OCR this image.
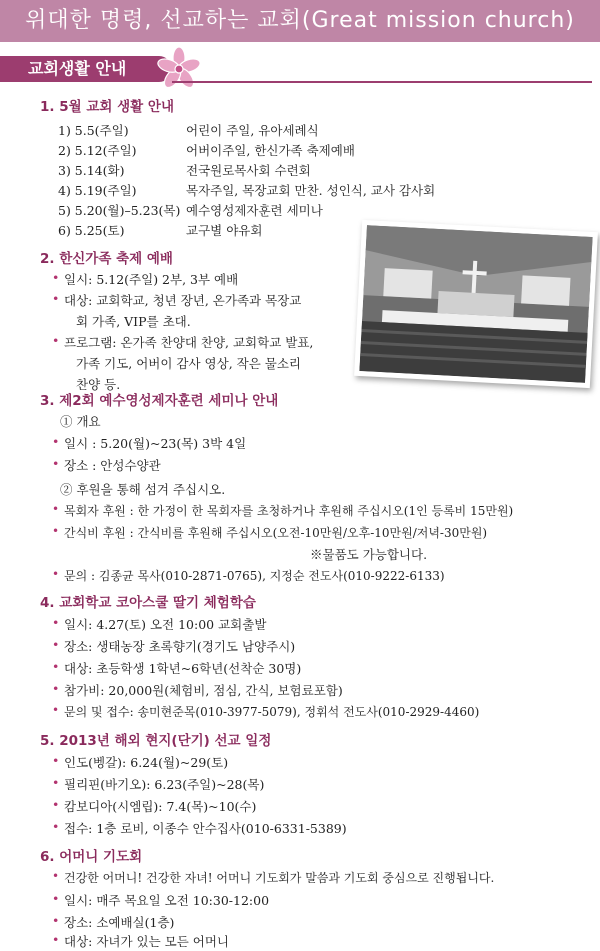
위대한 명령, 선교하는 교회(Great mission church)
교회생활 안내
1. 5월 교회 생활 안내
1) 5.5(주일)	어린이 주일, 유아세례식
2) 5.12(주일)	어버이주일, 한신가족 축제예배
3) 5.14(화)	전국원로목사회 수련회
4) 5.19(주일)	목자주일, 목장교회 만찬. 성인식, 교사 감사회
5) 5.20(월)–5.23(목) 예수영성제자훈련 세미나
6) 5.25(토)	교구별 야유회
2. 한신가족 축제 예배
• 일시: 5.12(주일) 2부, 3부 예배
• 대상: 교회학교, 청년 장년, 온가족과 목장교
회 가족, VIP를 초대.
• 프로그램: 온가족 찬양대 찬양, 교회학교 발표,
가족 기도, 어버이 감사 영상, 작은 물소리
찬양 등.
3. 제2회 예수영성제자훈련 세미나 안내
① 개요
• 일시 : 5.20(월)~23(목) 3박 4일
• 장소 : 안성수양관
② 후원을 통해 섬겨 주십시오.
• 목회자 후원 : 한 가정이 한 목회자를 초청하거나 후원해 주십시오(1인 등록비 15만원)
• 간식비 후원 : 간식비를 후원해 주십시오(오전-10만원/오후-10만원/저녁-30만원)
※물품도 가능합니다.
• 문의 : 김종균 목사(010-2871-0765), 지정순 전도사(010-9222-6133)
4. 교회학교 코아스쿨 딸기 체험학습
• 일시: 4.27(토) 오전 10:00 교회출발
• 장소: 생태농장 초록향기(경기도 남양주시)
• 대상: 초등학생 1학년~6학년(선착순 30명)
• 참가비: 20,000원(체험비, 점심, 간식, 보험료포함)
• 문의 및 접수: 송미현준목(010-3977-5079), 정휘석 전도사(010-2929-4460)
5. 2013년 해외 현지(단기) 선교 일정
• 인도(벵갈): 6.24(월)~29(토)
• 필리핀(바기오): 6.23(주일)~28(목)
• 캄보디아(시엠립): 7.4(목)~10(수)
• 접수: 1층 로비, 이종수 안수집사(010-6331-5389)
6. 어머니 기도회
• 건강한 어머니! 건강한 자녀! 어머니 기도회가 말씀과 기도회 중심으로 진행됩니다.
• 일시: 매주 목요일 오전 10:30-12:00
• 장소: 소예배실(1층)
• 대상: 자녀가 있는 모든 어머니
